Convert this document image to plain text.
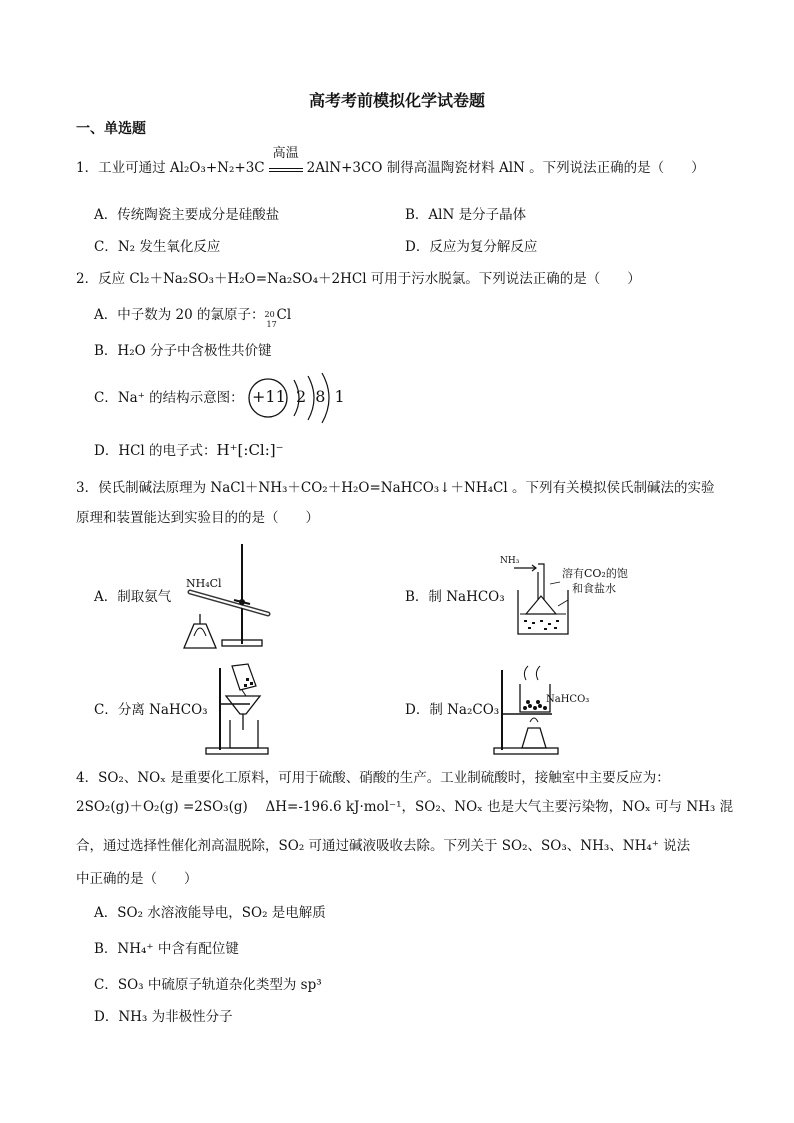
高考考前模拟化学试卷题
一、单选题
1．工业可通过 Al₂O₃+N₂+3C
高温
2AlN+3CO 制得高温陶瓷材料 AlN 。下列说法正确的是（　　）
A．传统陶瓷主要成分是硅酸盐	B．AlN 是分子晶体
C．N₂ 发生氧化反应	D．反应为复分解反应
2．反应 Cl₂＋Na₂SO₃＋H₂O=Na₂SO₄＋2HCl 可用于污水脱氯。下列说法正确的是（　　）
A．中子数为 20 的氯原子： 20
17
Cl
B．H₂O 分子中含极性共价键
C．Na⁺ 的结构示意图： +11 2 8 1
D．HCl 的电子式：H⁺[:Cl:]⁻
3．侯氏制碱法原理为 NaCl＋NH₃＋CO₂＋H₂O=NaHCO₃↓＋NH₄Cl 。下列有关模拟侯氏制碱法的实验
原理和装置能达到实验目的的是（　　）
A．制取氨气
NH₄Cl
B．制 NaHCO₃
NH₃
溶有CO₂的饱
和食盐水
C．分离 NaHCO₃	D．制 Na₂CO₃
NaHCO₃
4．SO₂、NOₓ 是重要化工原料，可用于硫酸、硝酸的生产。工业制硫酸时，接触室中主要反应为：
2SO₂(g)＋O₂(g) =2SO₃(g)　 ΔH=-196.6 kJ·mol⁻¹，SO₂、NOₓ 也是大气主要污染物，NOₓ 可与 NH₃ 混
合，通过选择性催化剂高温脱除，SO₂ 可通过碱液吸收去除。下列关于 SO₂、SO₃、NH₃、NH₄⁺ 说法
中正确的是（　　）
A．SO₂ 水溶液能导电，SO₂ 是电解质
B．NH₄⁺ 中含有配位键
C．SO₃ 中硫原子轨道杂化类型为 sp³
D．NH₃ 为非极性分子
